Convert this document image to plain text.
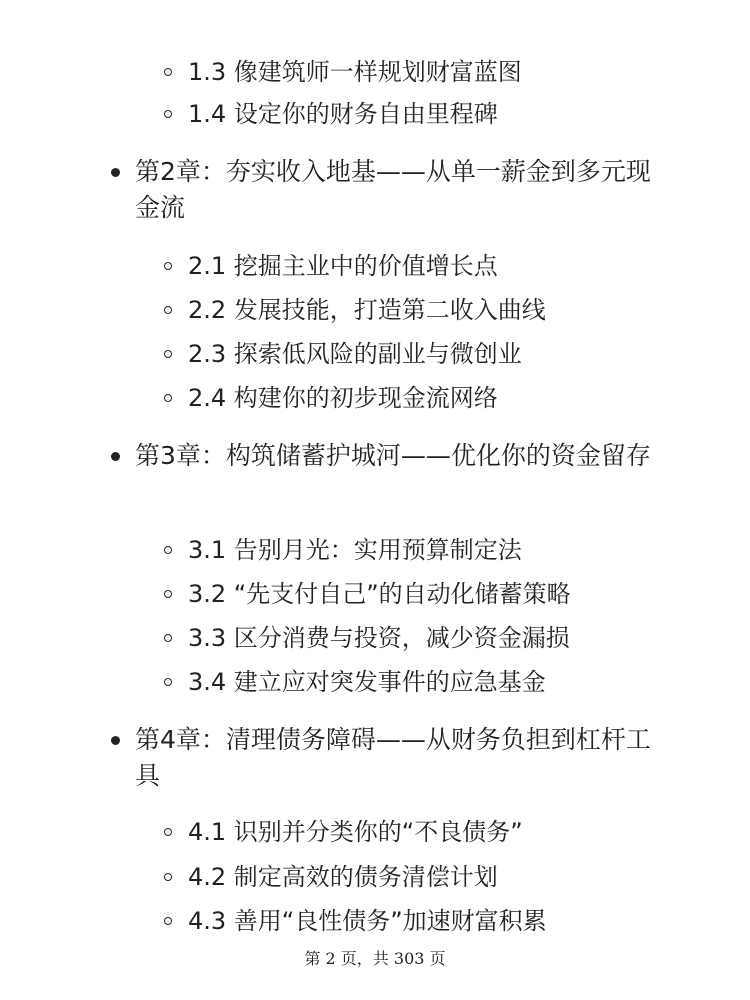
1.3 像建筑师一样规划财富蓝图
1.4 设定你的财务自由里程碑
第2章：夯实收入地基——从单一薪金到多元现金流
2.1 挖掘主业中的价值增长点
2.2 发展技能，打造第二收入曲线
2.3 探索低风险的副业与微创业
2.4 构建你的初步现金流网络
第3章：构筑储蓄护城河——优化你的资金留存
3.1 告别月光：实用预算制定法
3.2 “先支付自己”的自动化储蓄策略
3.3 区分消费与投资，减少资金漏损
3.4 建立应对突发事件的应急基金
第4章：清理债务障碍——从财务负担到杠杆工具
4.1 识别并分类你的“不良债务”
4.2 制定高效的债务清偿计划
4.3 善用“良性债务”加速财富积累
第 2 页，共 303 页
